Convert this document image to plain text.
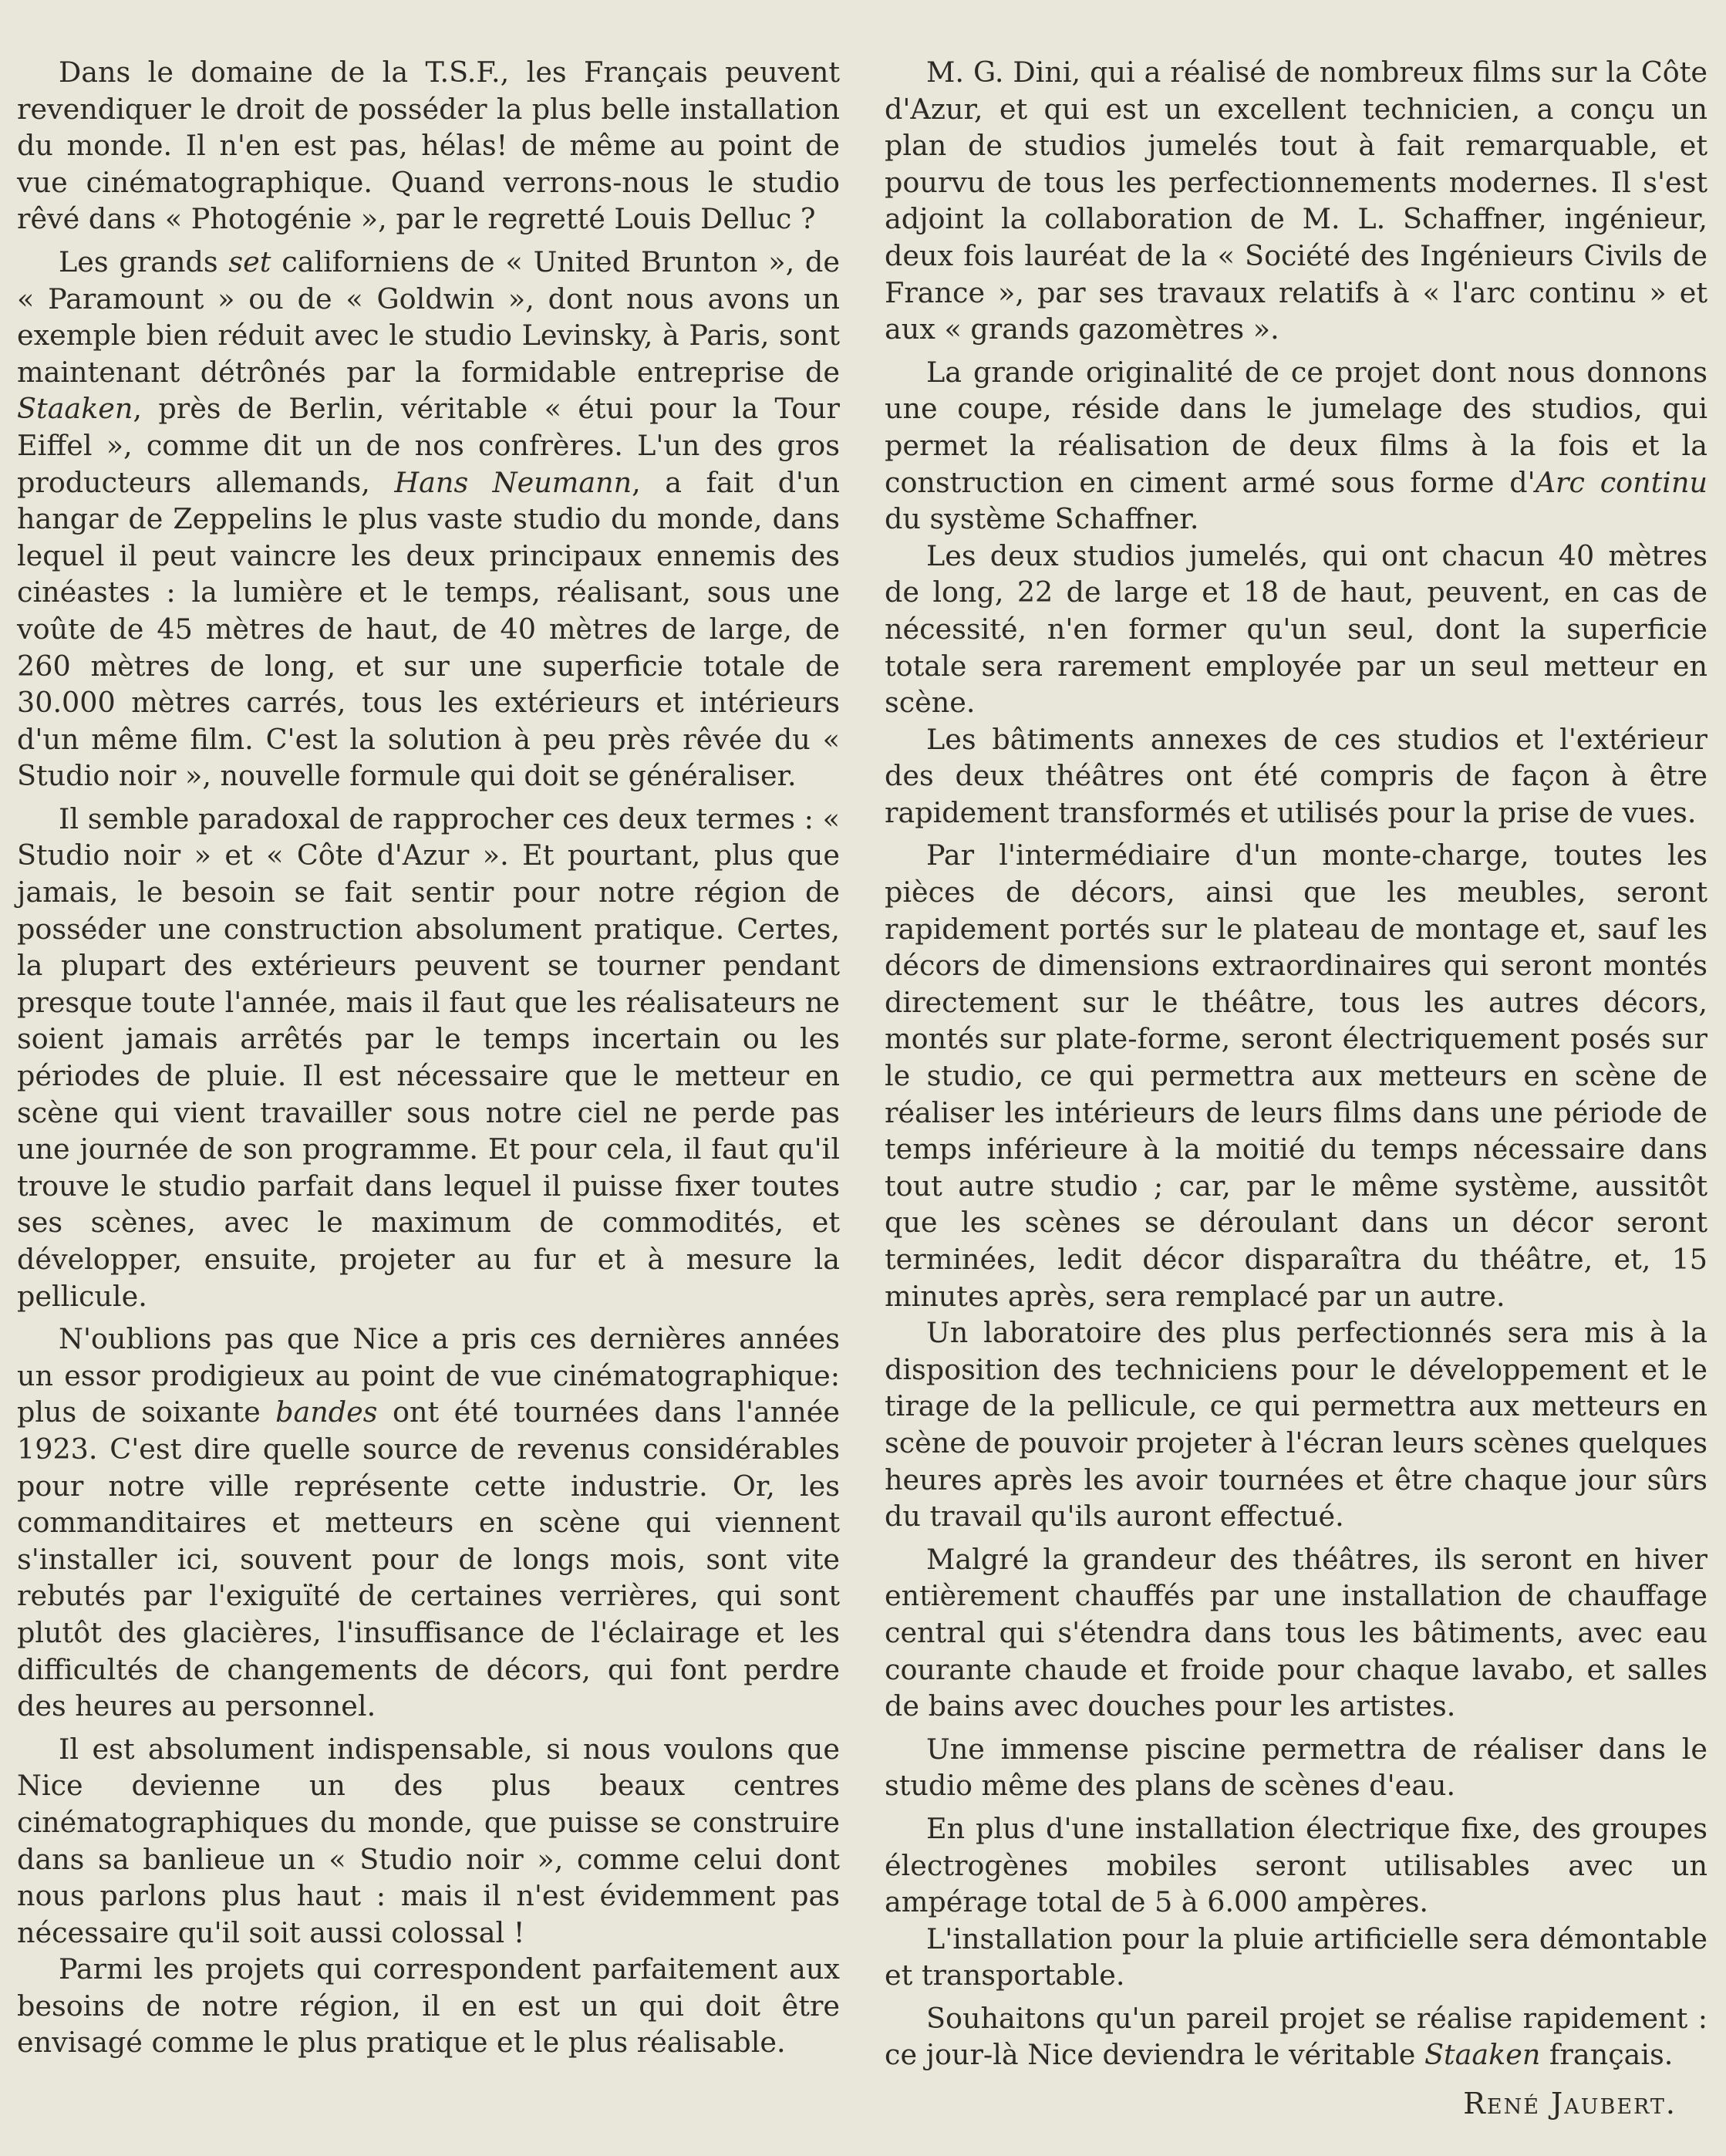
Dans le domaine de la T.S.F., les Français peuvent revendiquer le droit de posséder la plus belle installation du monde. Il n'en est pas, hélas! de même au point de vue cinématographique. Quand verrons-nous le studio rêvé dans « Photogénie », par le regretté Louis Delluc ?

Les grands set californiens de « United Brunton », de « Paramount » ou de « Goldwin », dont nous avons un exemple bien réduit avec le studio Levinsky, à Paris, sont maintenant détrônés par la formidable entreprise de Staaken, près de Berlin, véritable « étui pour la Tour Eiffel », comme dit un de nos confrères. L'un des gros producteurs allemands, Hans Neumann, a fait d'un hangar de Zeppelins le plus vaste studio du monde, dans lequel il peut vaincre les deux principaux ennemis des cinéastes : la lumière et le temps, réalisant, sous une voûte de 45 mètres de haut, de 40 mètres de large, de 260 mètres de long, et sur une superficie totale de 30.000 mètres carrés, tous les extérieurs et intérieurs d'un même film. C'est la solution à peu près rêvée du « Studio noir », nouvelle formule qui doit se généraliser.

Il semble paradoxal de rapprocher ces deux termes : « Studio noir » et « Côte d'Azur ». Et pourtant, plus que jamais, le besoin se fait sentir pour notre région de posséder une construction absolument pratique. Certes, la plupart des extérieurs peuvent se tourner pendant presque toute l'année, mais il faut que les réalisateurs ne soient jamais arrêtés par le temps incertain ou les périodes de pluie. Il est nécessaire que le metteur en scène qui vient travailler sous notre ciel ne perde pas une journée de son programme. Et pour cela, il faut qu'il trouve le studio parfait dans lequel il puisse fixer toutes ses scènes, avec le maximum de commodités, et développer, ensuite, projeter au fur et à mesure la pellicule.

N'oublions pas que Nice a pris ces dernières années un essor prodigieux au point de vue cinématographique: plus de soixante bandes ont été tournées dans l'année 1923. C'est dire quelle source de revenus considérables pour notre ville représente cette industrie. Or, les commanditaires et metteurs en scène qui viennent s'installer ici, souvent pour de longs mois, sont vite rebutés par l'exiguïté de certaines verrières, qui sont plutôt des glacières, l'insuffisance de l'éclairage et les difficultés de changements de décors, qui font perdre des heures au personnel.

Il est absolument indispensable, si nous voulons que Nice devienne un des plus beaux centres cinématographiques du monde, que puisse se construire dans sa banlieue un « Studio noir », comme celui dont nous parlons plus haut : mais il n'est évidemment pas nécessaire qu'il soit aussi colossal !

Parmi les projets qui correspondent parfaitement aux besoins de notre région, il en est un qui doit être envisagé comme le plus pratique et le plus réalisable.

M. G. Dini, qui a réalisé de nombreux films sur la Côte d'Azur, et qui est un excellent technicien, a conçu un plan de studios jumelés tout à fait remarquable, et pourvu de tous les perfectionnements modernes. Il s'est adjoint la collaboration de M. L. Schaffner, ingénieur, deux fois lauréat de la « Société des Ingénieurs Civils de France », par ses travaux relatifs à « l'arc continu » et aux « grands gazomètres ».

La grande originalité de ce projet dont nous donnons une coupe, réside dans le jumelage des studios, qui permet la réalisation de deux films à la fois et la construction en ciment armé sous forme d'Arc continu du système Schaffner.

Les deux studios jumelés, qui ont chacun 40 mètres de long, 22 de large et 18 de haut, peuvent, en cas de nécessité, n'en former qu'un seul, dont la superficie totale sera rarement employée par un seul metteur en scène.

Les bâtiments annexes de ces studios et l'extérieur des deux théâtres ont été compris de façon à être rapidement transformés et utilisés pour la prise de vues.

Par l'intermédiaire d'un monte-charge, toutes les pièces de décors, ainsi que les meubles, seront rapidement portés sur le plateau de montage et, sauf les décors de dimensions extraordinaires qui seront montés directement sur le théâtre, tous les autres décors, montés sur plate-forme, seront électriquement posés sur le studio, ce qui permettra aux metteurs en scène de réaliser les intérieurs de leurs films dans une période de temps inférieure à la moitié du temps nécessaire dans tout autre studio ; car, par le même système, aussitôt que les scènes se déroulant dans un décor seront terminées, ledit décor disparaîtra du théâtre, et, 15 minutes après, sera remplacé par un autre.

Un laboratoire des plus perfectionnés sera mis à la disposition des techniciens pour le développement et le tirage de la pellicule, ce qui permettra aux metteurs en scène de pouvoir projeter à l'écran leurs scènes quelques heures après les avoir tournées et être chaque jour sûrs du travail qu'ils auront effectué.

Malgré la grandeur des théâtres, ils seront en hiver entièrement chauffés par une installation de chauffage central qui s'étendra dans tous les bâtiments, avec eau courante chaude et froide pour chaque lavabo, et salles de bains avec douches pour les artistes.

Une immense piscine permettra de réaliser dans le studio même des plans de scènes d'eau.

En plus d'une installation électrique fixe, des groupes électrogènes mobiles seront utilisables avec un ampérage total de 5 à 6.000 ampères.

L'installation pour la pluie artificielle sera démontable et transportable.

Souhaitons qu'un pareil projet se réalise rapidement : ce jour-là Nice deviendra le véritable Staaken français.

René Jaubert.
